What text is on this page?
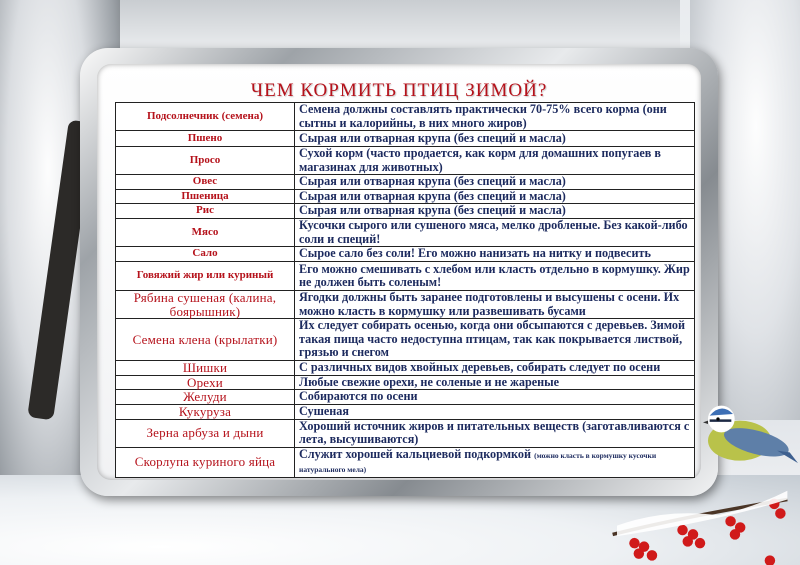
ЧЕМ КОРМИТЬ ПТИЦ ЗИМОЙ?
Подсолнечник (семена)	Семена должны составлять практически 70-75% всего корма (они сытны и калорийны, в них много жиров)
Пшено	Сырая или отварная крупа (без специй и масла)
Просо	Сухой корм (часто продается, как корм для домашних попугаев в магазинах для животных)
Овес	Сырая или отварная крупа (без специй и масла)
Пшеница	Сырая или отварная крупа (без специй и масла)
Рис	Сырая или отварная крупа (без специй и масла)
Мясо	Кусочки сырого или сушеного мяса, мелко дробленые. Без какой-либо соли и специй!
Сало	Сырое сало без соли! Его можно нанизать на нитку и подвесить
Говяжий жир или куриный	Его можно смешивать с хлебом или класть отдельно в кормушку. Жир не должен быть соленым!
Рябина сушеная (калина, боярышник)	Ягодки должны быть заранее подготовлены и высушены с осени. Их можно класть в кормушку или развешивать бусами
Семена клена (крылатки)	Их следует собирать осенью, когда они обсыпаются с деревьев. Зимой такая пища часто недоступна птицам, так как покрывается листвой, грязью и снегом
Шишки	С различных видов хвойных деревьев, собирать следует по осени
Орехи	Любые свежие орехи, не соленые и не жареные
Желуди	Собираются по осени
Кукуруза	Сушеная
Зерна арбуза и дыни	Хороший источник жиров и питательных веществ (заготавливаются с лета, высушиваются)
Скорлупа куриного яйца	Служит хорошей кальциевой подкормкой (можно класть в кормушку кусочки натурального мела)
